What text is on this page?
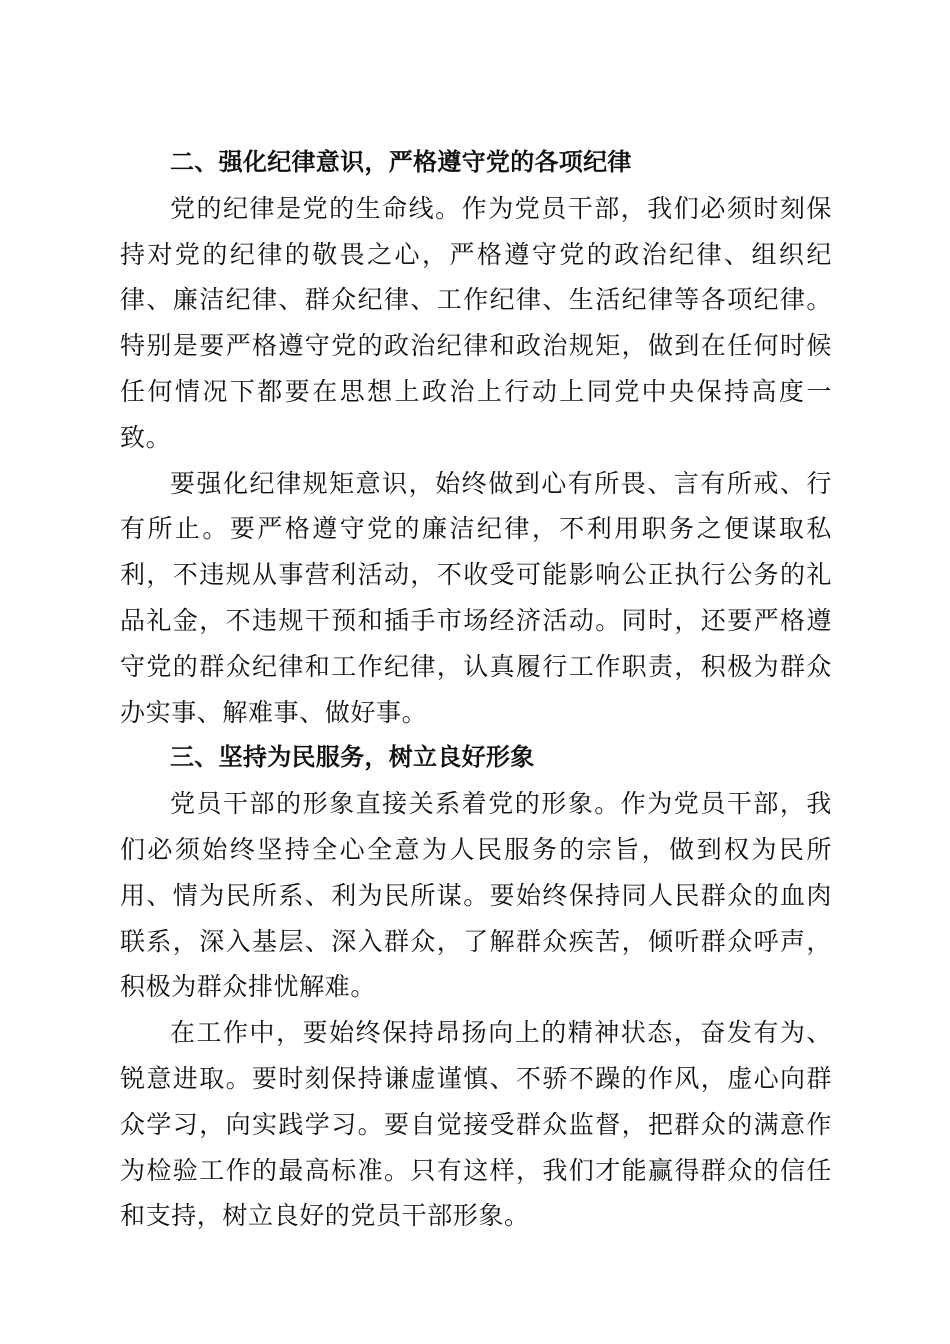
二、强化纪律意识，严格遵守党的各项纪律

党的纪律是党的生命线。作为党员干部，我们必须时刻保持对党的纪律的敬畏之心，严格遵守党的政治纪律、组织纪律、廉洁纪律、群众纪律、工作纪律、生活纪律等各项纪律。特别是要严格遵守党的政治纪律和政治规矩，做到在任何时候任何情况下都要在思想上政治上行动上同党中央保持高度一致。

要强化纪律规矩意识，始终做到心有所畏、言有所戒、行有所止。要严格遵守党的廉洁纪律，不利用职务之便谋取私利，不违规从事营利活动，不收受可能影响公正执行公务的礼品礼金，不违规干预和插手市场经济活动。同时，还要严格遵守党的群众纪律和工作纪律，认真履行工作职责，积极为群众办实事、解难事、做好事。

三、坚持为民服务，树立良好形象

党员干部的形象直接关系着党的形象。作为党员干部，我们必须始终坚持全心全意为人民服务的宗旨，做到权为民所用、情为民所系、利为民所谋。要始终保持同人民群众的血肉联系，深入基层、深入群众，了解群众疾苦，倾听群众呼声，积极为群众排忧解难。

在工作中，要始终保持昂扬向上的精神状态，奋发有为、锐意进取。要时刻保持谦虚谨慎、不骄不躁的作风，虚心向群众学习，向实践学习。要自觉接受群众监督，把群众的满意作为检验工作的最高标准。只有这样，我们才能赢得群众的信任和支持，树立良好的党员干部形象。
